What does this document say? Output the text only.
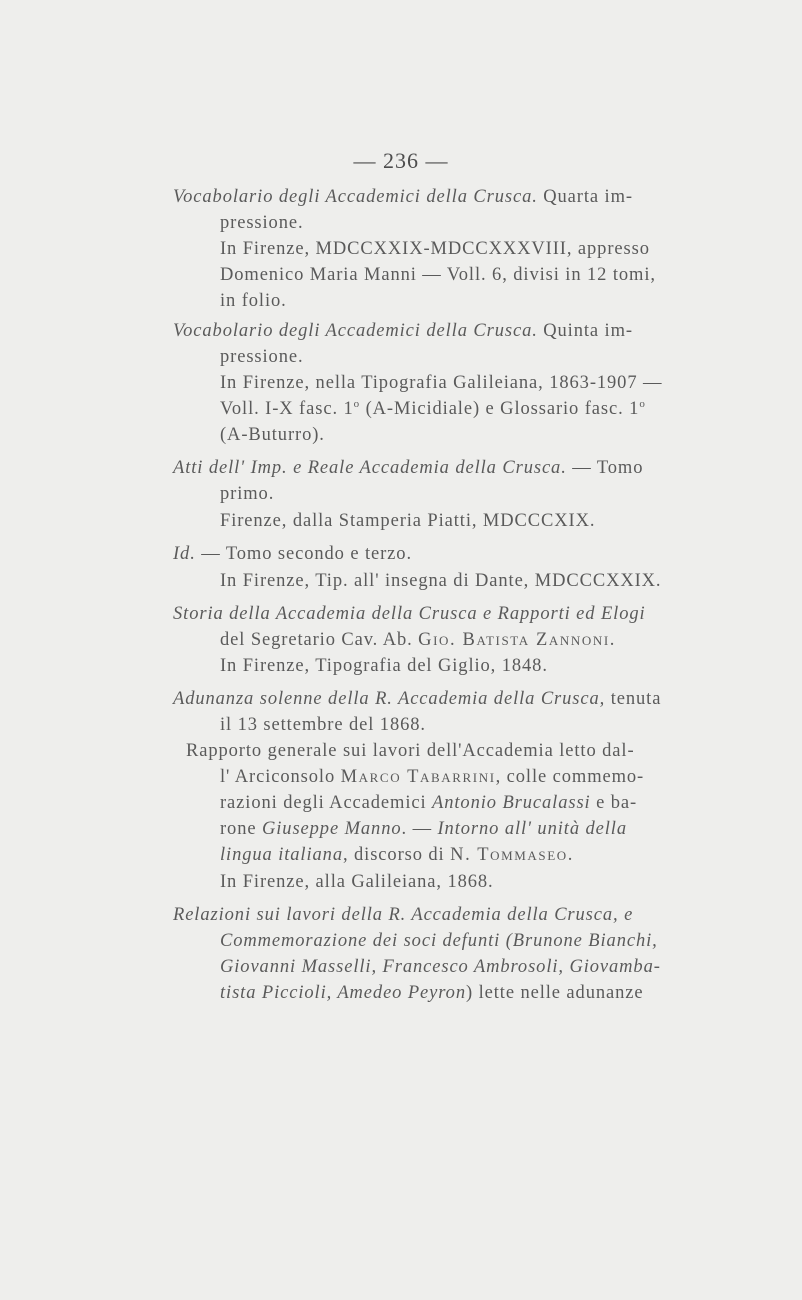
— 236 —
Vocabolario degli Accademici della Crusca. Quarta im-
pressione.
In Firenze, MDCCXXIX-MDCCXXXVIII, appresso
Domenico Maria Manni — Voll. 6, divisi in 12 tomi,
in folio.
Vocabolario degli Accademici della Crusca. Quinta im-
pressione.
In Firenze, nella Tipografia Galileiana, 1863-1907 —
Voll. I-X fasc. 1$^o$ (A-Micidiale) e Glossario fasc. 1$^o$
(A-Buturro).
Atti dell' Imp. e Reale Accademia della Crusca. — Tomo
primo.
Firenze, dalla Stamperia Piatti, MDCCCXIX.
Id. — Tomo secondo e terzo.
In Firenze, Tip. all' insegna di Dante, MDCCCXXIX.
Storia della Accademia della Crusca e Rapporti ed Elogi
del Segretario Cav. Ab. Gio. Batista Zannoni.
In Firenze, Tipografia del Giglio, 1848.
Adunanza solenne della R. Accademia della Crusca, tenuta
il 13 settembre del 1868.
Rapporto generale sui lavori dell'Accademia letto dal-
l' Arciconsolo Marco Tabarrini, colle commemo-
razioni degli Accademici Antonio Brucalassi e ba-
rone Giuseppe Manno. — Intorno all' unità della
lingua italiana, discorso di N. Tommaseo.
In Firenze, alla Galileiana, 1868.
Relazioni sui lavori della R. Accademia della Crusca, e
Commemorazione dei soci defunti (Brunone Bianchi,
Giovanni Masselli, Francesco Ambrosoli, Giovamba-
tista Piccioli, Amedeo Peyron) lette nelle adunanze
